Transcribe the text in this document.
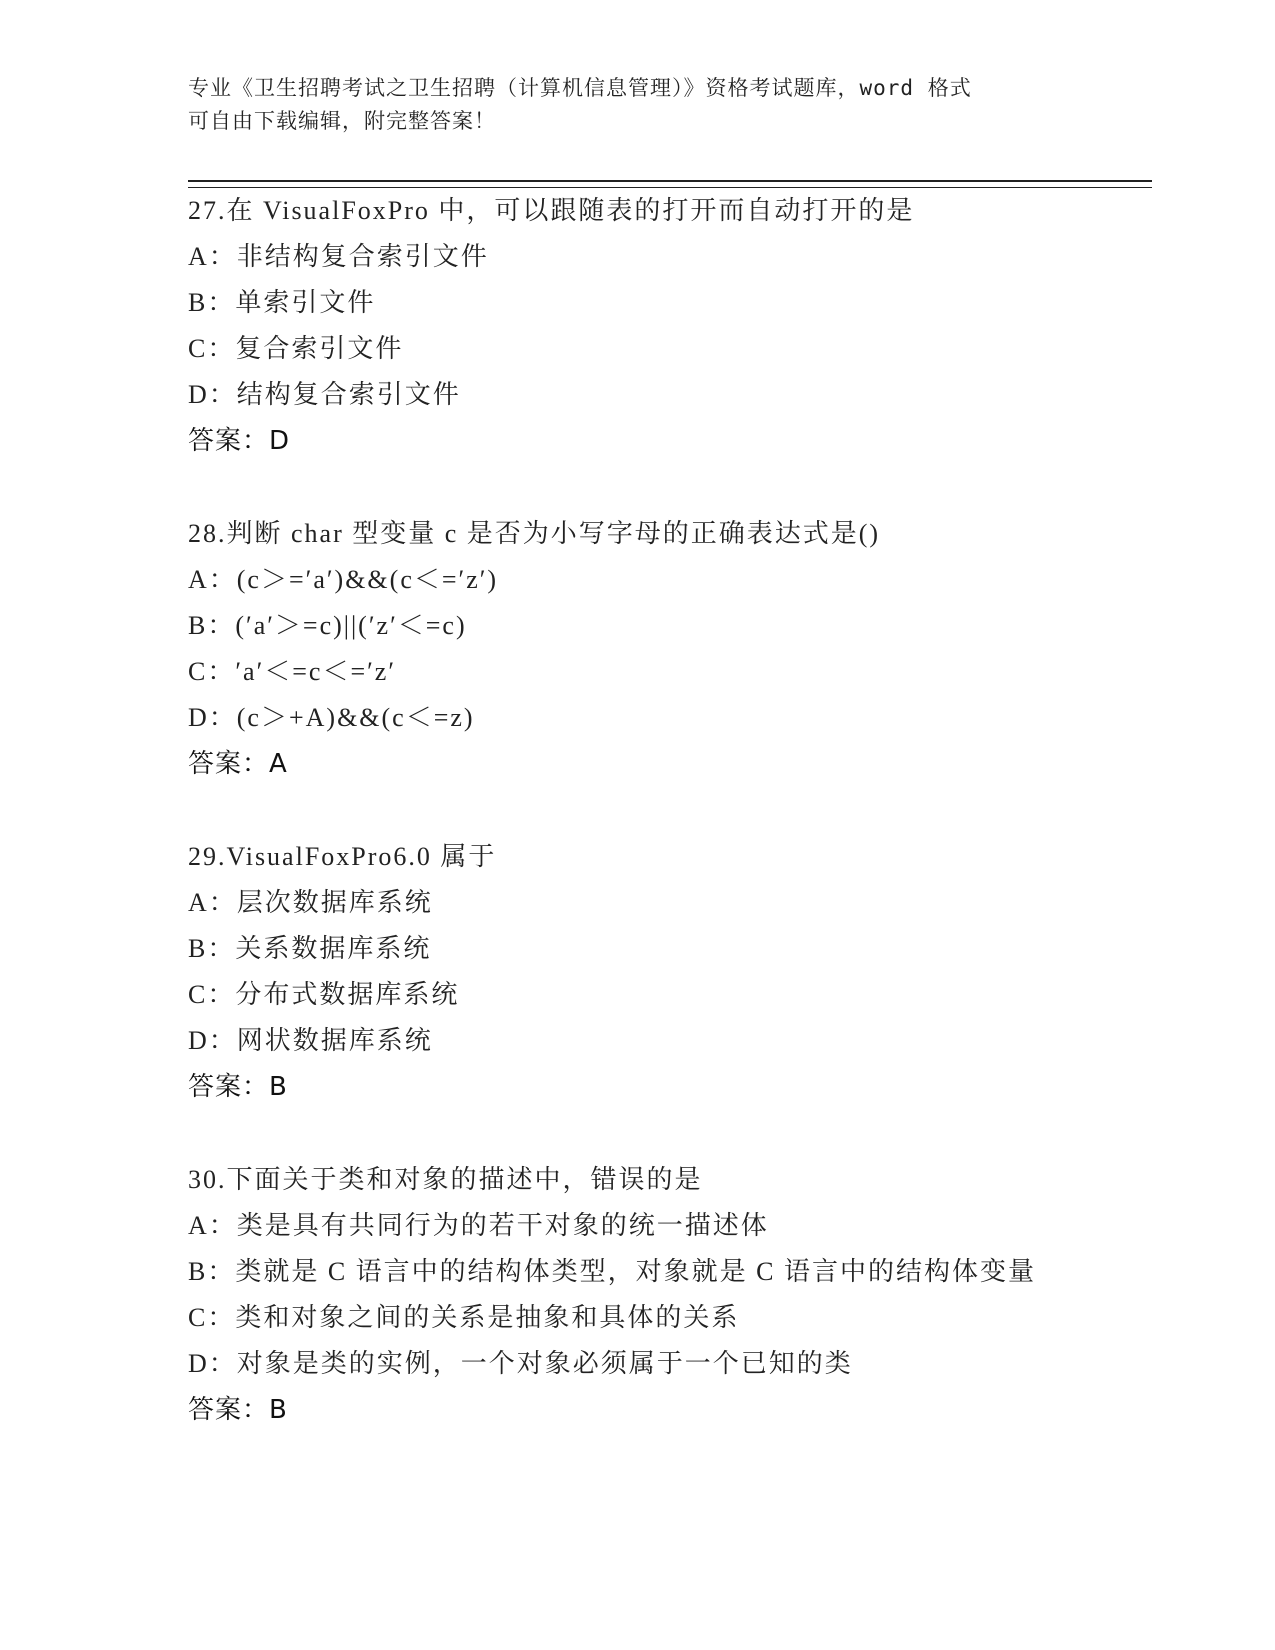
专业《卫生招聘考试之卫生招聘（计算机信息管理）》资格考试题库，word 格式
可自由下载编辑，附完整答案！
27.在 VisualFoxPro 中，可以跟随表的打开而自动打开的是
A：非结构复合索引文件
B：单索引文件
C：复合索引文件
D：结构复合索引文件
答案：D
28.判断 char 型变量 c 是否为小写字母的正确表达式是()
A：(c＞=′a′)&&(c＜=′z′)
B：(′a′＞=c)||(′z′＜=c)
C：′a′＜=c＜=′z′
D：(c＞+A)&&(c＜=z)
答案：A
29.VisualFoxPro6.0 属于
A：层次数据库系统
B：关系数据库系统
C：分布式数据库系统
D：网状数据库系统
答案：B
30.下面关于类和对象的描述中，错误的是
A：类是具有共同行为的若干对象的统一描述体
B：类就是 C 语言中的结构体类型，对象就是 C 语言中的结构体变量
C：类和对象之间的关系是抽象和具体的关系
D：对象是类的实例，一个对象必须属于一个已知的类
答案：B
